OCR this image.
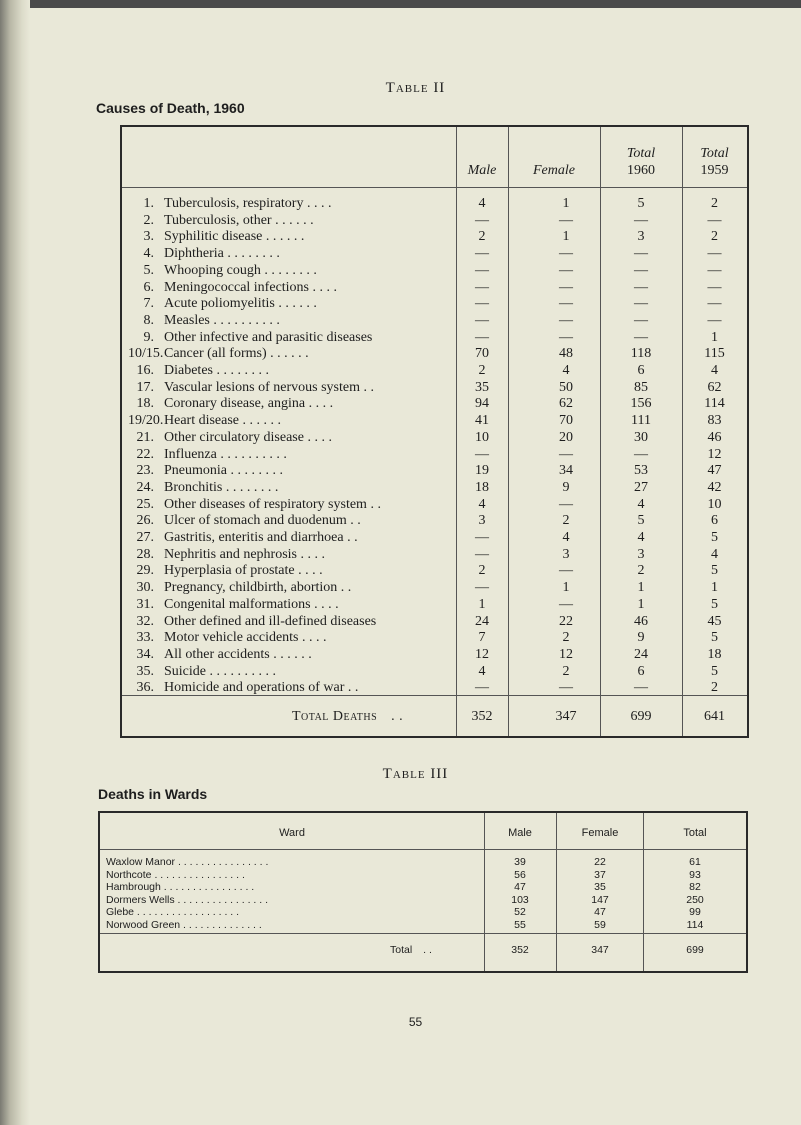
Table II
Causes of Death, 1960
Male	Female
Total
1960
Total
1959
1. Tuberculosis, respiratory . . . .	4	1	5	2
2. Tuberculosis, other . . . . . .	—	—	—	—
3. Syphilitic disease . . . . . .	2	1	3	2
4. Diphtheria . . . . . . . .	—	—	—	—
5. Whooping cough . . . . . . . .	—	—	—	—
6. Meningococcal infections . . . .	—	—	—	—
7. Acute poliomyelitis . . . . . .	—	—	—	—
8. Measles . . . . . . . . . .	—	—	—	—
9. Other infective and parasitic diseases	—	—	—	1
10/15. Cancer (all forms) . . . . . .	70	48	118	115
16. Diabetes . . . . . . . .	2	4	6	4
17. Vascular lesions of nervous system . .	35	50	85	62
18. Coronary disease, angina . . . .	94	62	156	114
19/20. Heart disease . . . . . .	41	70	111	83
21. Other circulatory disease . . . .	10	20	30	46
22. Influenza . . . . . . . . . .	—	—	—	12
23. Pneumonia . . . . . . . .	19	34	53	47
24. Bronchitis . . . . . . . .	18	9	27	42
25. Other diseases of respiratory system . .	4	—	4	10
26. Ulcer of stomach and duodenum . .	3	2	5	6
27. Gastritis, enteritis and diarrhoea . .	—	4	4	5
28. Nephritis and nephrosis . . . .	—	3	3	4
29. Hyperplasia of prostate . . . .	2	—	2	5
30. Pregnancy, childbirth, abortion . .	—	1	1	1
31. Congenital malformations . . . .	1	—	1	5
32. Other defined and ill-defined diseases	24	22	46	45
33. Motor vehicle accidents . . . .	7	2	9	5
34. All other accidents . . . . . .	12	12	24	18
35. Suicide . . . . . . . . . .	4	2	6	5
36. Homicide and operations of war . .	—	—	—	2
Total Deaths . .	352	347	699	641
Table III
Deaths in Wards
Ward	Male	Female	Total
Waxlow Manor . . . . . . . . . . . . . . . .	39	22	61
Northcote . . . . . . . . . . . . . . . .	56	37	93
Hambrough . . . . . . . . . . . . . . . .	47	35	82
Dormers Wells . . . . . . . . . . . . . . . .	103	147	250
Glebe . . . . . . . . . . . . . . . . . .	52	47	99
Norwood Green . . . . . . . . . . . . . .	55	59	114
Total . .	352	347	699
55
